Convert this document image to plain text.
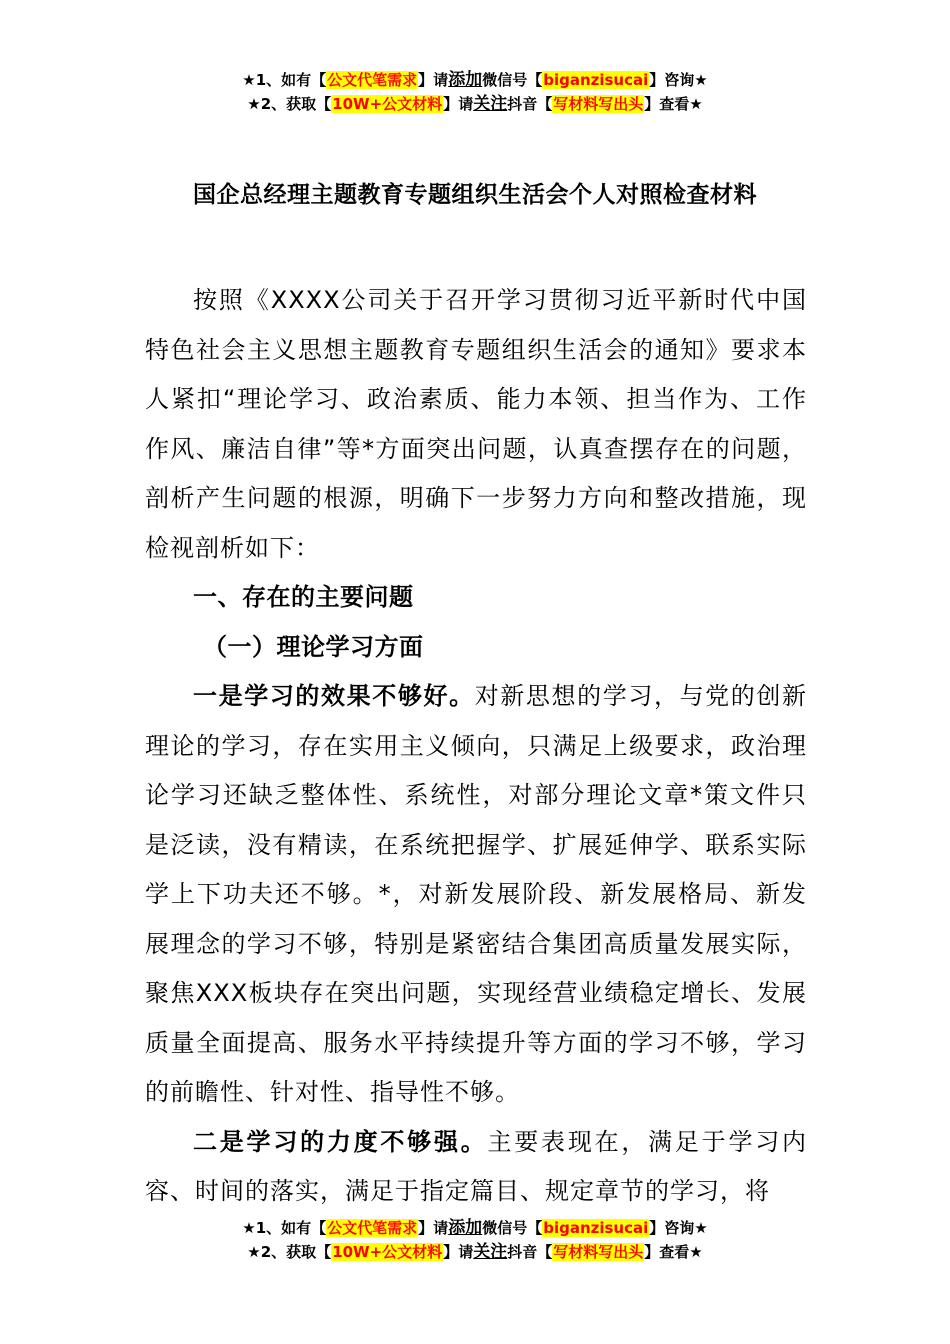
★1、如有【公文代笔需求】请添加微信号【biganzisucai】咨询★
★2、获取【10W+公文材料】请关注抖音【写材料写出头】查看★
国企总经理主题教育专题组织生活会个人对照检查材料

按照《XXXX公司关于召开学习贯彻习近平新时代中国特色社会主义思想主题教育专题组织生活会的通知》要求本人紧扣“理论学习、政治素质、能力本领、担当作为、工作作风、廉洁自律”等*方面突出问题，认真查摆存在的问题，剖析产生问题的根源，明确下一步努力方向和整改措施，现检视剖析如下：

一、存在的主要问题

（一）理论学习方面

一是学习的效果不够好。对新思想的学习，与党的创新理论的学习，存在实用主义倾向，只满足上级要求，政治理论学习还缺乏整体性、系统性，对部分理论文章*策文件只是泛读，没有精读，在系统把握学、扩展延伸学、联系实际学上下功夫还不够。*，对新发展阶段、新发展格局、新发展理念的学习不够，特别是紧密结合集团高质量发展实际，聚焦XXX板块存在突出问题，实现经营业绩稳定增长、发展质量全面提高、服务水平持续提升等方面的学习不够，学习的前瞻性、针对性、指导性不够。

二是学习的力度不够强。主要表现在，满足于学习内容、时间的落实，满足于指定篇目、规定章节的学习，将

★1、如有【公文代笔需求】请添加微信号【biganzisucai】咨询★
★2、获取【10W+公文材料】请关注抖音【写材料写出头】查看★
